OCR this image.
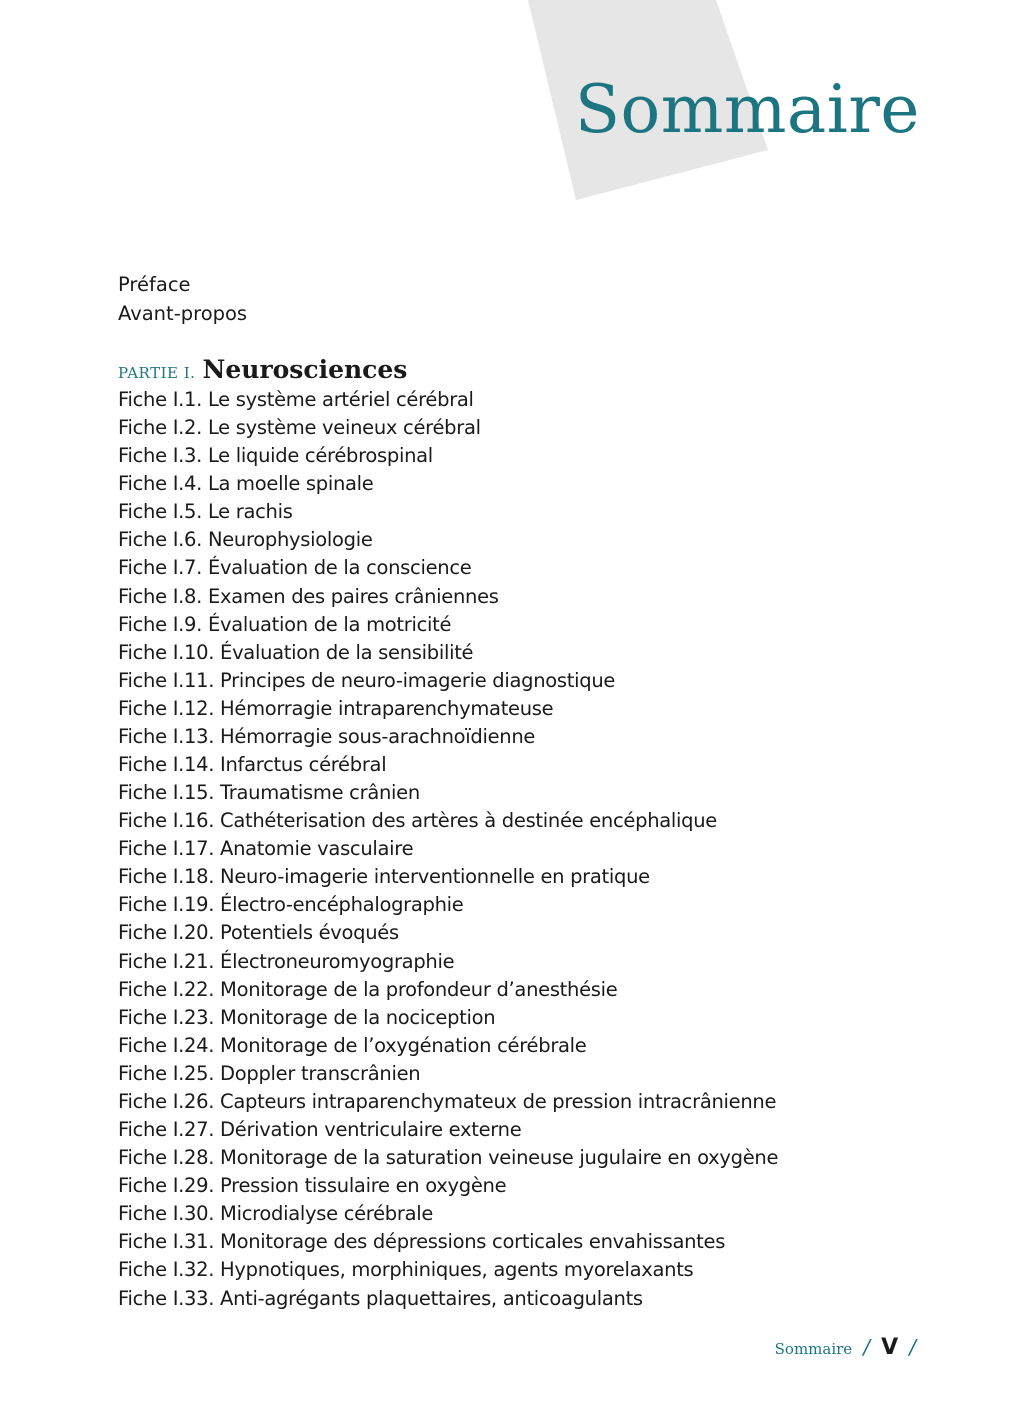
Sommaire
Préface
Avant-propos
PARTIE I. Neurosciences
Fiche I.1. Le système artériel cérébral
Fiche I.2. Le système veineux cérébral
Fiche I.3. Le liquide cérébrospinal
Fiche I.4. La moelle spinale
Fiche I.5. Le rachis
Fiche I.6. Neurophysiologie
Fiche I.7. Évaluation de la conscience
Fiche I.8. Examen des paires crâniennes
Fiche I.9. Évaluation de la motricité
Fiche I.10. Évaluation de la sensibilité
Fiche I.11. Principes de neuro-imagerie diagnostique
Fiche I.12. Hémorragie intraparenchymateuse
Fiche I.13. Hémorragie sous-arachnoïdienne
Fiche I.14. Infarctus cérébral
Fiche I.15. Traumatisme crânien
Fiche I.16. Cathéterisation des artères à destinée encéphalique
Fiche I.17. Anatomie vasculaire
Fiche I.18. Neuro-imagerie interventionnelle en pratique
Fiche I.19. Électro-encéphalographie
Fiche I.20. Potentiels évoqués
Fiche I.21. Électroneuromyographie
Fiche I.22. Monitorage de la profondeur d’anesthésie
Fiche I.23. Monitorage de la nociception
Fiche I.24. Monitorage de l’oxygénation cérébrale
Fiche I.25. Doppler transcrânien
Fiche I.26. Capteurs intraparenchymateux de pression intracrânienne
Fiche I.27. Dérivation ventriculaire externe
Fiche I.28. Monitorage de la saturation veineuse jugulaire en oxygène
Fiche I.29. Pression tissulaire en oxygène
Fiche I.30. Microdialyse cérébrale
Fiche I.31. Monitorage des dépressions corticales envahissantes
Fiche I.32. Hypnotiques, morphiniques, agents myorelaxants
Fiche I.33. Anti-agrégants plaquettaires, anticoagulants
Sommaire / V /
